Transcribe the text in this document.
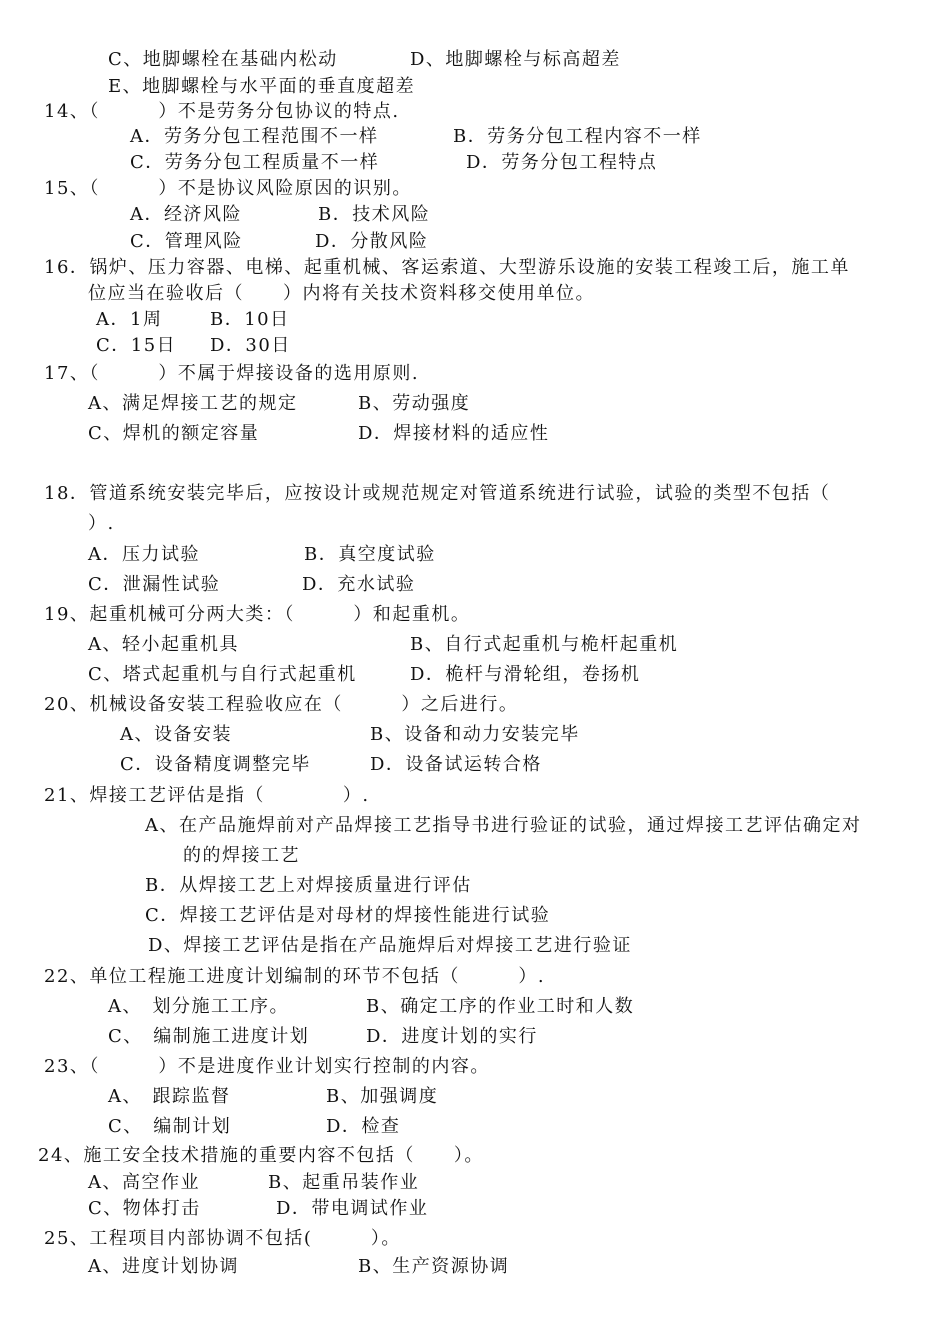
C、地脚螺栓在基础内松动	D、地脚螺栓与标高超差
E、地脚螺栓与水平面的垂直度超差
14、（　　　）不是劳务分包协议的特点.
A．劳务分包工程范围不一样	B．劳务分包工程内容不一样
C．劳务分包工程质量不一样	D．劳务分包工程特点
15、（　　　）不是协议风险原因的识别。
A．经济风险	B．技术风险
C．管理风险	D．分散风险
16．锅炉、压力容器、电梯、起重机械、客运索道、大型游乐设施的安装工程竣工后，施工单
位应当在验收后（　　）内将有关技术资料移交使用单位。
A．1周	B．10日
C．15日 D．30日
17、（　　　）不属于焊接设备的选用原则.
A、满足焊接工艺的规定	B、劳动强度
C、焊机的额定容量	D．焊接材料的适应性
18．管道系统安装完毕后，应按设计或规范规定对管道系统进行试验，试验的类型不包括（
）.
A．压力试验	B．真空度试验
C．泄漏性试验	D．充水试验
19、起重机械可分两大类：（　　　）和起重机。
A、轻小起重机具	B、自行式起重机与桅杆起重机
C、塔式起重机与自行式起重机	D．桅杆与滑轮组，卷扬机
20、机械设备安装工程验收应在（　　　）之后进行。
A、设备安装	B、设备和动力安装完毕
C．设备精度调整完毕	D．设备试运转合格
21、焊接工艺评估是指（　　　　）.
A、在产品施焊前对产品焊接工艺指导书进行验证的试验，通过焊接工艺评估确定对
的的焊接工艺
B．从焊接工艺上对焊接质量进行评估
C．焊接工艺评估是对母材的焊接性能进行试验
D、焊接工艺评估是指在产品施焊后对焊接工艺进行验证
22、单位工程施工进度计划编制的环节不包括（　　　）.
A、　划分施工工序。	B、确定工序的作业工时和人数
C、　编制施工进度计划	D．进度计划的实行
23、（　　　）不是进度作业计划实行控制的内容。
A、　跟踪监督	B、加强调度
C、　编制计划	D．检查
24、施工安全技术措施的重要内容不包括（　　）。
A、高空作业	B、起重吊装作业
C、物体打击	D．带电调试作业
25、工程项目内部协调不包括(　　　）。
A、进度计划协调	B、生产资源协调
